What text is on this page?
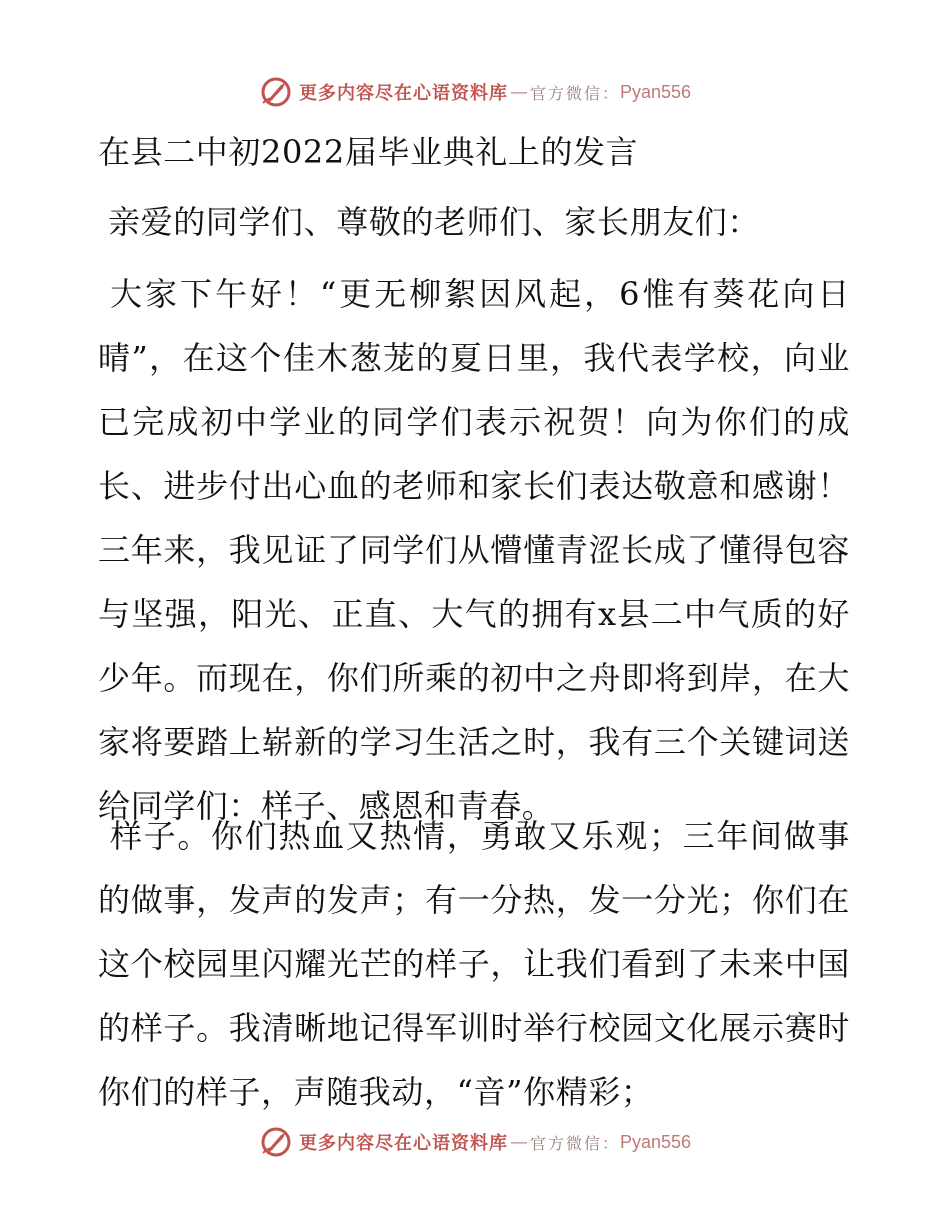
更多内容尽在心语资料库 — 官方微信： Pyan556

在县二中初2022届毕业典礼上的发言

亲爱的同学们、尊敬的老师们、家长朋友们：

大家下午好！“更无柳絮因风起，6惟有葵花向日晴”，在这个佳木葱茏的夏日里，我代表学校，向业已完成初中学业的同学们表示祝贺！向为你们的成长、进步付出心血的老师和家长们表达敬意和感谢！三年来，我见证了同学们从懵懂青涩长成了懂得包容与坚强，阳光、正直、大气的拥有x县二中气质的好少年。而现在，你们所乘的初中之舟即将到岸，在大家将要踏上崭新的学习生活之时，我有三个关键词送给同学们：样子、感恩和青春。

样子。你们热血又热情，勇敢又乐观；三年间做事的做事，发声的发声；有一分热，发一分光；你们在这个校园里闪耀光芒的样子，让我们看到了未来中国的样子。我清晰地记得军训时举行校园文化展示赛时你们的样子，声随我动，“音”你精彩；

更多内容尽在心语资料库 — 官方微信： Pyan556
